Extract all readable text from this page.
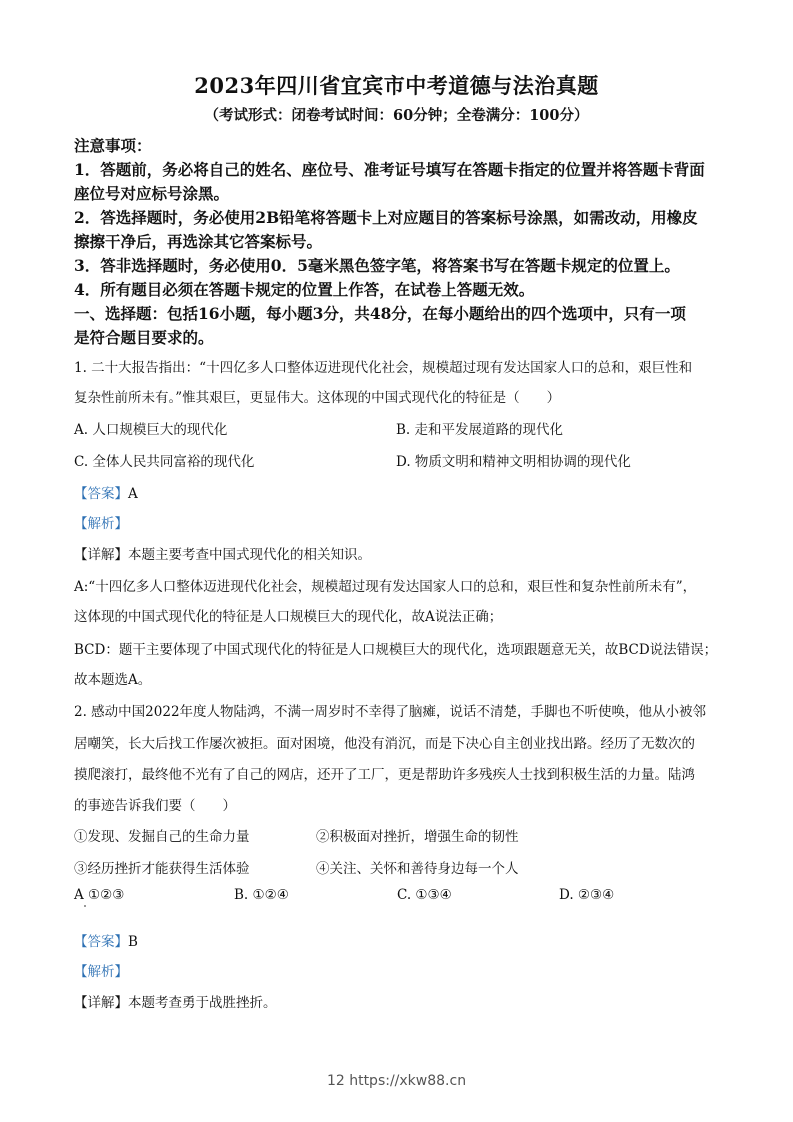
2023年四川省宜宾市中考道德与法治真题
（考试形式：闭卷考试时间：60分钟；全卷满分：100分）
注意事项：
1．答题前，务必将自己的姓名、座位号、准考证号填写在答题卡指定的位置并将答题卡背面
座位号对应标号涂黑。
2．答选择题时，务必使用2B铅笔将答题卡上对应题目的答案标号涂黑，如需改动，用橡皮
擦擦干净后，再选涂其它答案标号。
3．答非选择题时，务必使用0．5毫米黑色签字笔，将答案书写在答题卡规定的位置上。
4．所有题目必须在答题卡规定的位置上作答，在试卷上答题无效。
一、选择题：包括16小题，每小题3分，共48分，在每小题给出的四个选项中，只有一项
是符合题目要求的。
1. 二十大报告指出：“十四亿多人口整体迈进现代化社会，规模超过现有发达国家人口的总和，艰巨性和
复杂性前所未有。”惟其艰巨，更显伟大。这体现的中国式现代化的特征是（　　）
A. 人口规模巨大的现代化	B. 走和平发展道路的现代化
C. 全体人民共同富裕的现代化	D. 物质文明和精神文明相协调的现代化
【答案】A
【解析】
【详解】本题主要考查中国式现代化的相关知识。
A:“十四亿多人口整体迈进现代化社会，规模超过现有发达国家人口的总和，艰巨性和复杂性前所未有”，
这体现的中国式现代化的特征是人口规模巨大的现代化，故A说法正确；
BCD：题干主要体现了中国式现代化的特征是人口规模巨大的现代化，选项跟题意无关，故BCD说法错误；
故本题选A。
2. 感动中国2022年度人物陆鸿，不满一周岁时不幸得了脑瘫，说话不清楚，手脚也不听使唤，他从小被邻
居嘲笑，长大后找工作屡次被拒。面对困境，他没有消沉，而是下决心自主创业找出路。经历了无数次的
摸爬滚打，最终他不光有了自己的网店，还开了工厂，更是帮助许多残疾人士找到积极生活的力量。陆鸿
的事迹告诉我们要（　　）
①发现、发掘自己的生命力量	②积极面对挫折，增强生命的韧性
③经历挫折才能获得生活体验	④关注、关怀和善待身边每一个人
A ①②③	B. ①②④	C. ①③④	D. ②③④
【答案】B
【解析】
【详解】本题考查勇于战胜挫折。
12 https://xkw88.cn
